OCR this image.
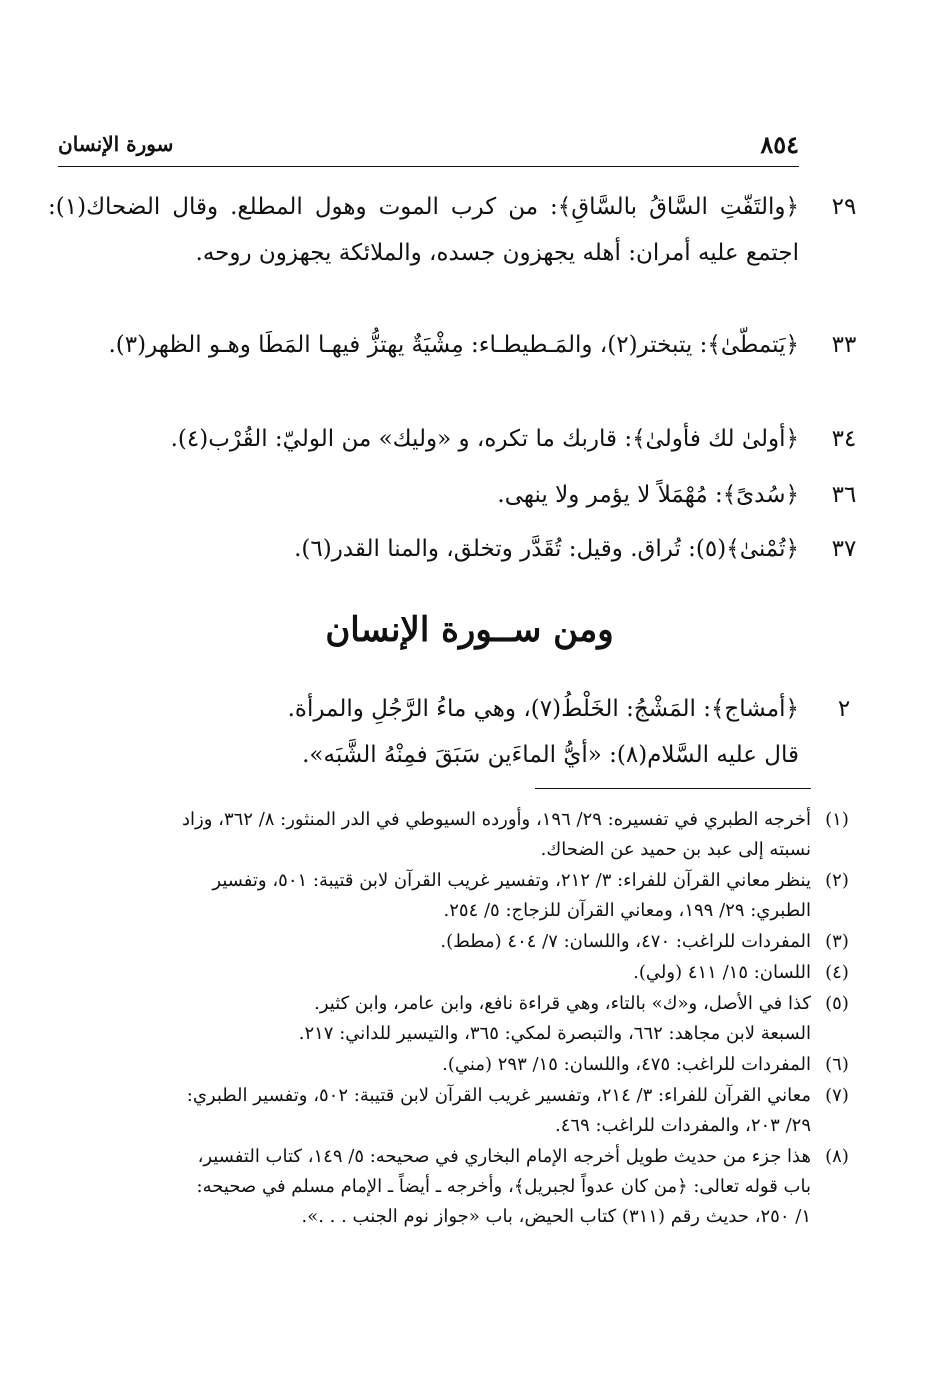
٨٥٤
سورة الإنسان
٢٩
﴿والتَفّتِ السَّاقُ بالسَّاقِ﴾: من كرب الموت وهول المطلع. وقال الضحاك(١): اجتمع عليه أمران: أهله يجهزون جسده، والملائكة يجهزون روحه.
٣٣
﴿يَتمطّىٰ﴾: يتبختر(٢)، والمَـطيطـاء: مِشْيَةٌ يهتزُّ فيهـا المَطَا وهـو الظهر(٣).
٣٤
﴿أولىٰ لك فأولىٰ﴾: قاربك ما تكره، و «وليك» من الوليّ: القُرْب(٤).
٣٦
﴿سُدىً﴾: مُهْمَلاً لا يؤمر ولا ينهى.
٣٧
﴿تُمْنىٰ﴾(٥): تُراق. وقيل: تُقَدَّر وتخلق، والمنا القدر(٦).
ومن ســورة الإنسان
٢
﴿أمشاج﴾: المَشْجُ: الخَلْطُ(٧)، وهي ماءُ الرَّجُلِ والمرأة.
قال عليه السَّلام(٨): «أيُّ الماءَين سَبَقَ فمِنْهُ الشَّبَه».
(١)
أخرجه الطبري في تفسيره: ٢٩/ ١٩٦، وأورده السيوطي في الدر المنثور: ٨/ ٣٦٢، وزاد
نسبته إلى عبد بن حميد عن الضحاك.
(٢)
ينظر معاني القرآن للفراء: ٣/ ٢١٢، وتفسير غريب القرآن لابن قتيبة: ٥٠١، وتفسير
الطبري: ٢٩/ ١٩٩، ومعاني القرآن للزجاج: ٥/ ٢٥٤.
(٣)
المفردات للراغب: ٤٧٠، واللسان: ٧/ ٤٠٤ (مطط).
(٤)
اللسان: ١٥/ ٤١١ (ولي).
(٥)
كذا في الأصل، و«ك» بالتاء، وهي قراءة نافع، وابن عامر، وابن كثير.
السبعة لابن مجاهد: ٦٦٢، والتبصرة لمكي: ٣٦٥، والتيسير للداني: ٢١٧.
(٦)
المفردات للراغب: ٤٧٥، واللسان: ١٥/ ٢٩٣ (مني).
(٧)
معاني القرآن للفراء: ٣/ ٢١٤، وتفسير غريب القرآن لابن قتيبة: ٥٠٢، وتفسير الطبري:
٢٩/ ٢٠٣، والمفردات للراغب: ٤٦٩.
(٨)
هذا جزء من حديث طويل أخرجه الإمام البخاري في صحيحه: ٥/ ١٤٩، كتاب التفسير،
باب قوله تعالى: ﴿من كان عدواً لجبريل﴾، وأخرجه ـ أيضاً ـ الإمام مسلم في صحيحه:
١/ ٢٥٠، حديث رقم (٣١١) كتاب الحيض، باب «جواز نوم الجنب . . .».
